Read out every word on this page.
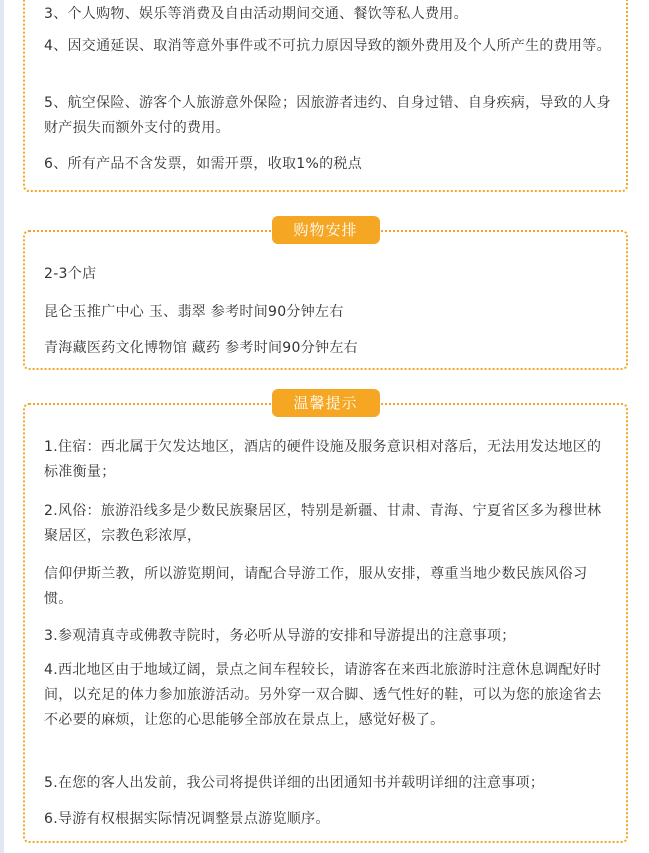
3、个人购物、娱乐等消费及自由活动期间交通、餐饮等私人费用。

4、因交通延误、取消等意外事件或不可抗力原因导致的额外费用及个人所产生的费用等。

5、航空保险、游客个人旅游意外保险；因旅游者违约、自身过错、自身疾病，导致的人身财产损失而额外支付的费用。

6、所有产品不含发票，如需开票，收取1%的税点

购物安排

2-3个店

昆仑玉推广中心 玉、翡翠 参考时间90分钟左右

青海藏医药文化博物馆 藏药 参考时间90分钟左右

温馨提示

1.住宿：西北属于欠发达地区，酒店的硬件设施及服务意识相对落后，无法用发达地区的标准衡量；

2.风俗：旅游沿线多是少数民族聚居区，特别是新疆、甘肃、青海、宁夏省区多为穆世林聚居区，宗教色彩浓厚，

信仰伊斯兰教，所以游览期间，请配合导游工作，服从安排，尊重当地少数民族风俗习惯。

3.参观清真寺或佛教寺院时，务必听从导游的安排和导游提出的注意事项；

4.西北地区由于地域辽阔，景点之间车程较长，请游客在来西北旅游时注意休息调配好时间，以充足的体力参加旅游活动。另外穿一双合脚、透气性好的鞋，可以为您的旅途省去不必要的麻烦，让您的心思能够全部放在景点上，感觉好极了。

5.在您的客人出发前，我公司将提供详细的出团通知书并载明详细的注意事项；

6.导游有权根据实际情况调整景点游览顺序。
